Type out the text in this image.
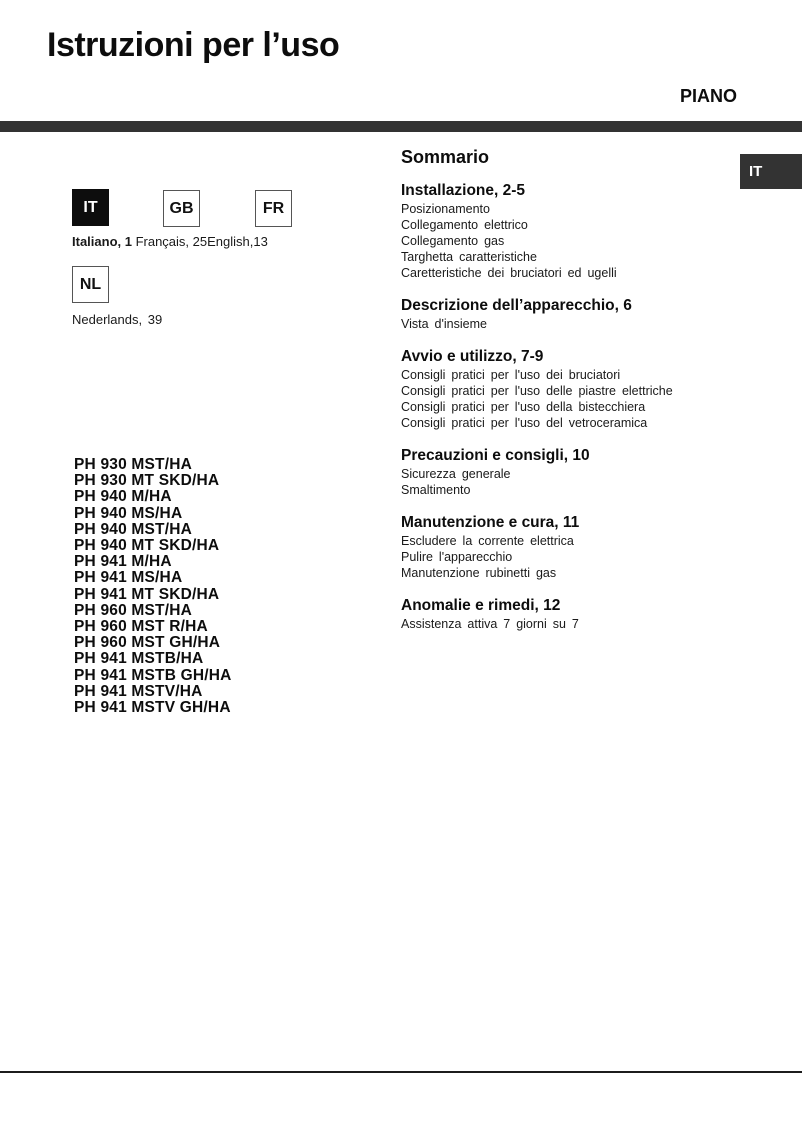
Istruzioni per l’uso
PIANO
IT
IT	GB	FR
Italiano, 1 Français, 25English,13
NL
Nederlands, 39
PH 930 MST/HA
PH 930 MT SKD/HA
PH 940 M/HA
PH 940 MS/HA
PH 940 MST/HA
PH 940 MT SKD/HA
PH 941 M/HA
PH 941 MS/HA
PH 941 MT SKD/HA
PH 960 MST/HA
PH 960 MST R/HA
PH 960 MST GH/HA
PH 941 MSTB/HA
PH 941 MSTB GH/HA
PH 941 MSTV/HA
PH 941 MSTV GH/HA
Sommario
Installazione, 2-5
Posizionamento
Collegamento elettrico
Collegamento gas
Targhetta caratteristiche
Caretteristiche dei bruciatori ed ugelli
Descrizione dell’apparecchio, 6
Vista d'insieme
Avvio e utilizzo, 7-9
Consigli pratici per l'uso dei bruciatori
Consigli pratici per l'uso delle piastre elettriche
Consigli pratici per l'uso della bistecchiera
Consigli pratici per l'uso del vetroceramica
Precauzioni e consigli, 10
Sicurezza generale
Smaltimento
Manutenzione e cura, 11
Escludere la corrente elettrica
Pulire l'apparecchio
Manutenzione rubinetti gas
Anomalie e rimedi, 12
Assistenza attiva 7 giorni su 7
